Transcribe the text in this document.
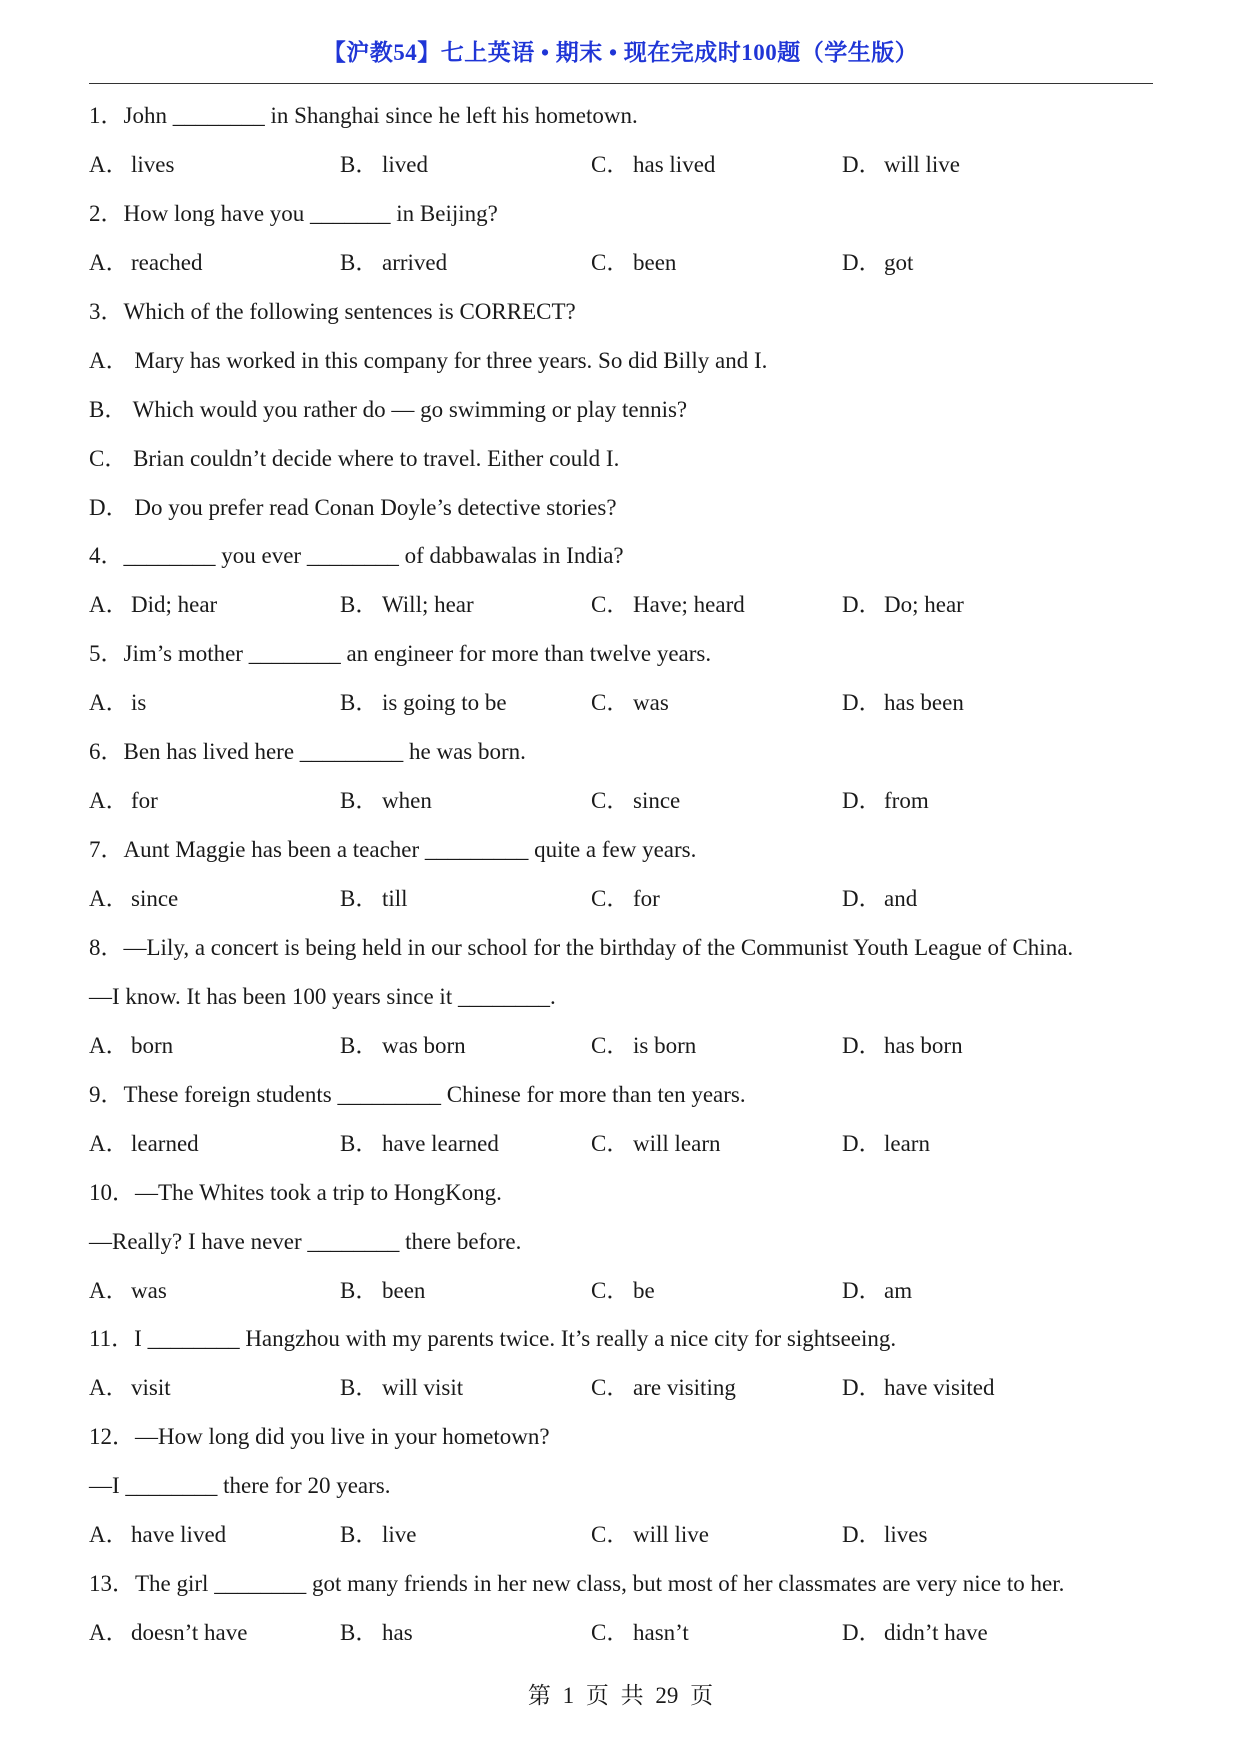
【沪教54】七上英语 • 期末 • 现在完成时100题（学生版）
1．John ________ in Shanghai since he left his hometown.
A． lives	B． lived	C． has lived	D． will live
2．How long have you _______ in Beijing?
A． reached	B． arrived	C． been	D． got
3．Which of the following sentences is CORRECT?
A． Mary has worked in this company for three years. So did Billy and I.
B． Which would you rather do — go swimming or play tennis?
C． Brian couldn’t decide where to travel. Either could I.
D． Do you prefer read Conan Doyle’s detective stories?
4．________ you ever ________ of dabbawalas in India?
A． Did; hear	B． Will; hear	C． Have; heard	D． Do; hear
5．Jim’s mother ________ an engineer for more than twelve years.
A． is	B． is going to be	C． was	D． has been
6．Ben has lived here _________ he was born.
A． for	B． when	C． since	D． from
7．Aunt Maggie has been a teacher _________ quite a few years.
A． since	B． till	C． for	D． and
8．—Lily, a concert is being held in our school for the birthday of the Communist Youth League of China.
—I know. It has been 100 years since it ________.
A． born	B． was born	C． is born	D． has born
9．These foreign students _________ Chinese for more than ten years.
A． learned	B． have learned	C． will learn	D． learn
10．—The Whites took a trip to HongKong.
—Really? I have never ________ there before.
A． was	B． been	C． be	D． am
11．I ________ Hangzhou with my parents twice. It’s really a nice city for sightseeing.
A． visit	B． will visit	C． are visiting	D． have visited
12．—How long did you live in your hometown?
—I ________ there for 20 years.
A． have lived	B． live	C． will live	D． lives
13．The girl ________ got many friends in her new class, but most of her classmates are very nice to her.
A． doesn’t have	B． has	C． hasn’t	D． didn’t have
第 1 页 共 29 页
